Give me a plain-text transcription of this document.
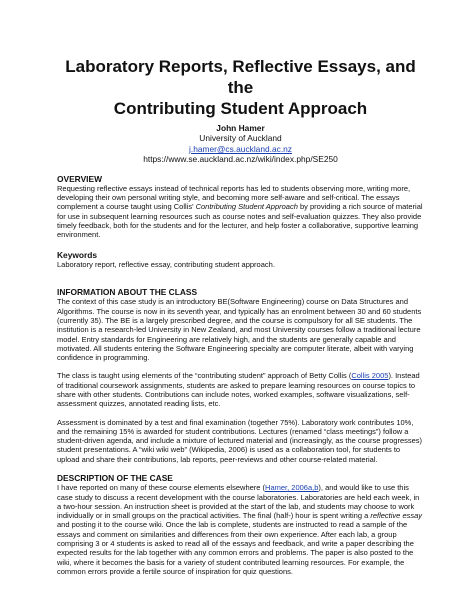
Laboratory Reports, Reflective Essays, and the
Contributing Student Approach
John Hamer
University of Auckland
j.hamer@cs.auckland.ac.nz
https://www.se.auckland.ac.nz/wiki/index.php/SE250
OVERVIEW

Requesting reflective essays instead of technical reports has led to students observing more, writing more, developing their own personal writing style, and becoming more self-aware and self-critical. The essays complement a course taught using Collis' Contributing Student Approach by providing a rich source of material for use in subsequent learning resources such as course notes and self-evaluation quizzes. They also provide timely feedback, both for the students and for the lecturer, and help foster a collaborative, supportive learning environment.

Keywords

Laboratory report, reflective essay, contributing student approach.

INFORMATION ABOUT THE CLASS

The context of this case study is an introductory BE(Software Engineering) course on Data Structures and Algorithms. The course is now in its seventh year, and typically has an enrolment between 30 and 60 students (currently 35). The BE is a largely prescribed degree, and the course is compulsory for all SE students. The institution is a research-led University in New Zealand, and most University courses follow a traditional lecture model. Entry standards for Engineering are relatively high, and the students are generally capable and motivated. All students entering the Software Engineering specialty are computer literate, albeit with varying confidence in programming.

The class is taught using elements of the “contributing student” approach of Betty Collis (Collis 2005). Instead of traditional coursework assignments, students are asked to prepare learning resources on course topics to share with other students. Contributions can include notes, worked examples, software visualizations, self-assessment quizzes, annotated reading lists, etc.

Assessment is dominated by a test and final examination (together 75%). Laboratory work contributes 10%, and the remaining 15% is awarded for student contributions. Lectures (renamed “class meetings”) follow a student-driven agenda, and include a mixture of lectured material and (increasingly, as the course progresses) student presentations. A “wiki wiki web” (Wikipedia, 2006) is used as a collaboration tool, for students to upload and share their contributions, lab reports, peer-reviews and other course-related material.

DESCRIPTION OF THE CASE

I have reported on many of these course elements elsewhere (Hamer, 2006a,b), and would like to use this case study to discuss a recent development with the course laboratories. Laboratories are held each week, in a two-hour session. An instruction sheet is provided at the start of the lab, and students may choose to work individually or in small groups on the practical activities. The final (half-) hour is spent writing a reflective essay and posting it to the course wiki. Once the lab is complete, students are instructed to read a sample of the essays and comment on similarities and differences from their own experience. After each lab, a group comprising 3 or 4 students is asked to read all of the essays and feedback, and write a paper describing the expected results for the lab together with any common errors and problems. The paper is also posted to the wiki, where it becomes the basis for a variety of student contributed learning resources. For example, the common errors provide a fertile source of inspiration for quiz questions.
